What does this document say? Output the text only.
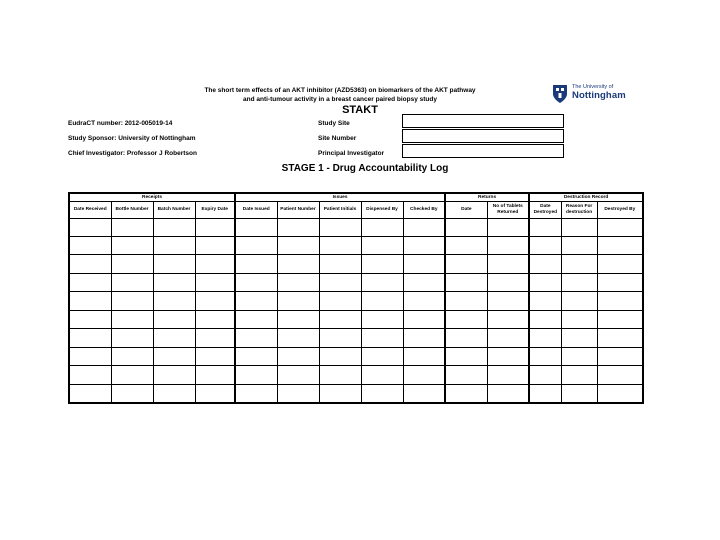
The short term effects of an AKT inhibitor (AZD5363) on biomarkers of the AKT pathway
and anti-tumour activity in a breast cancer paired biopsy study
STAKT
The University of
Nottingham
EudraCT number: 2012-005019-14
Study Sponsor: University of Nottingham
Chief Investigator: Professor J Robertson
Study Site
Site Number
Principal Investigator
STAGE 1 - Drug Accountability Log
Receipts				Issues					Returns		Destruction Record		
Date Received	Bottle Number	Batch Number	Expiry Date	Date Issued	Patient Number	Patient Initials	Dispensed By	Checked By	Date	No of Tablets Returned	Date Destroyed	Reason For destruction	Destroyed By
